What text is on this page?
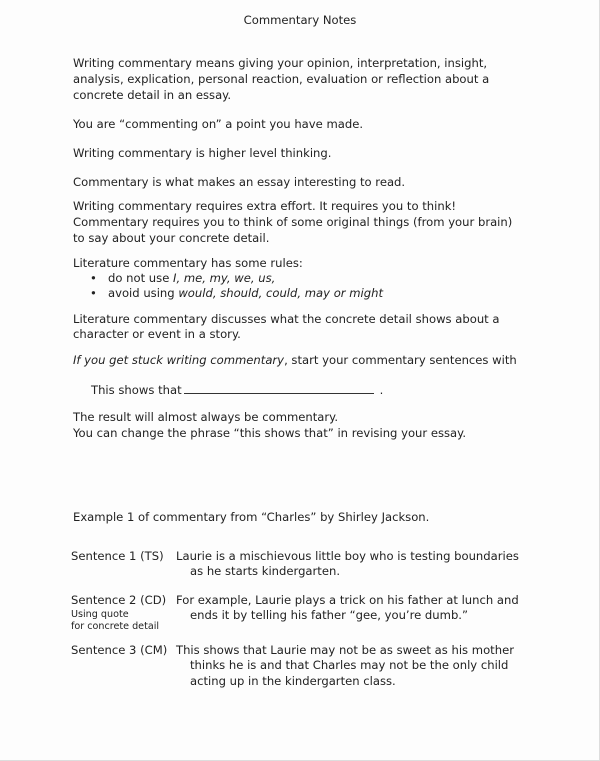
Commentary Notes
Writing commentary means giving your opinion, interpretation, insight,
analysis, explication, personal reaction, evaluation or reflection about a
concrete detail in an essay.
You are “commenting on” a point you have made.
Writing commentary is higher level thinking.
Commentary is what makes an essay interesting to read.
Writing commentary requires extra effort. It requires you to think!
Commentary requires you to think of some original things (from your brain)
to say about your concrete detail.
Literature commentary has some rules:
• do not use I, me, my, we, us,
• avoid using would, should, could, may or might
Literature commentary discusses what the concrete detail shows about a
character or event in a story.
If you get stuck writing commentary, start your commentary sentences with
This shows that	.
The result will almost always be commentary.
You can change the phrase “this shows that” in revising your essay.
Example 1 of commentary from “Charles” by Shirley Jackson.
Sentence 1 (TS) Laurie is a mischievous little boy who is testing boundaries
as he starts kindergarten.
Sentence 2 (CD)
Using quote
for concrete detail
For example, Laurie plays a trick on his father at lunch and
ends it by telling his father “gee, you’re dumb.”
Sentence 3 (CM) This shows that Laurie may not be as sweet as his mother
thinks he is and that Charles may not be the only child
acting up in the kindergarten class.
